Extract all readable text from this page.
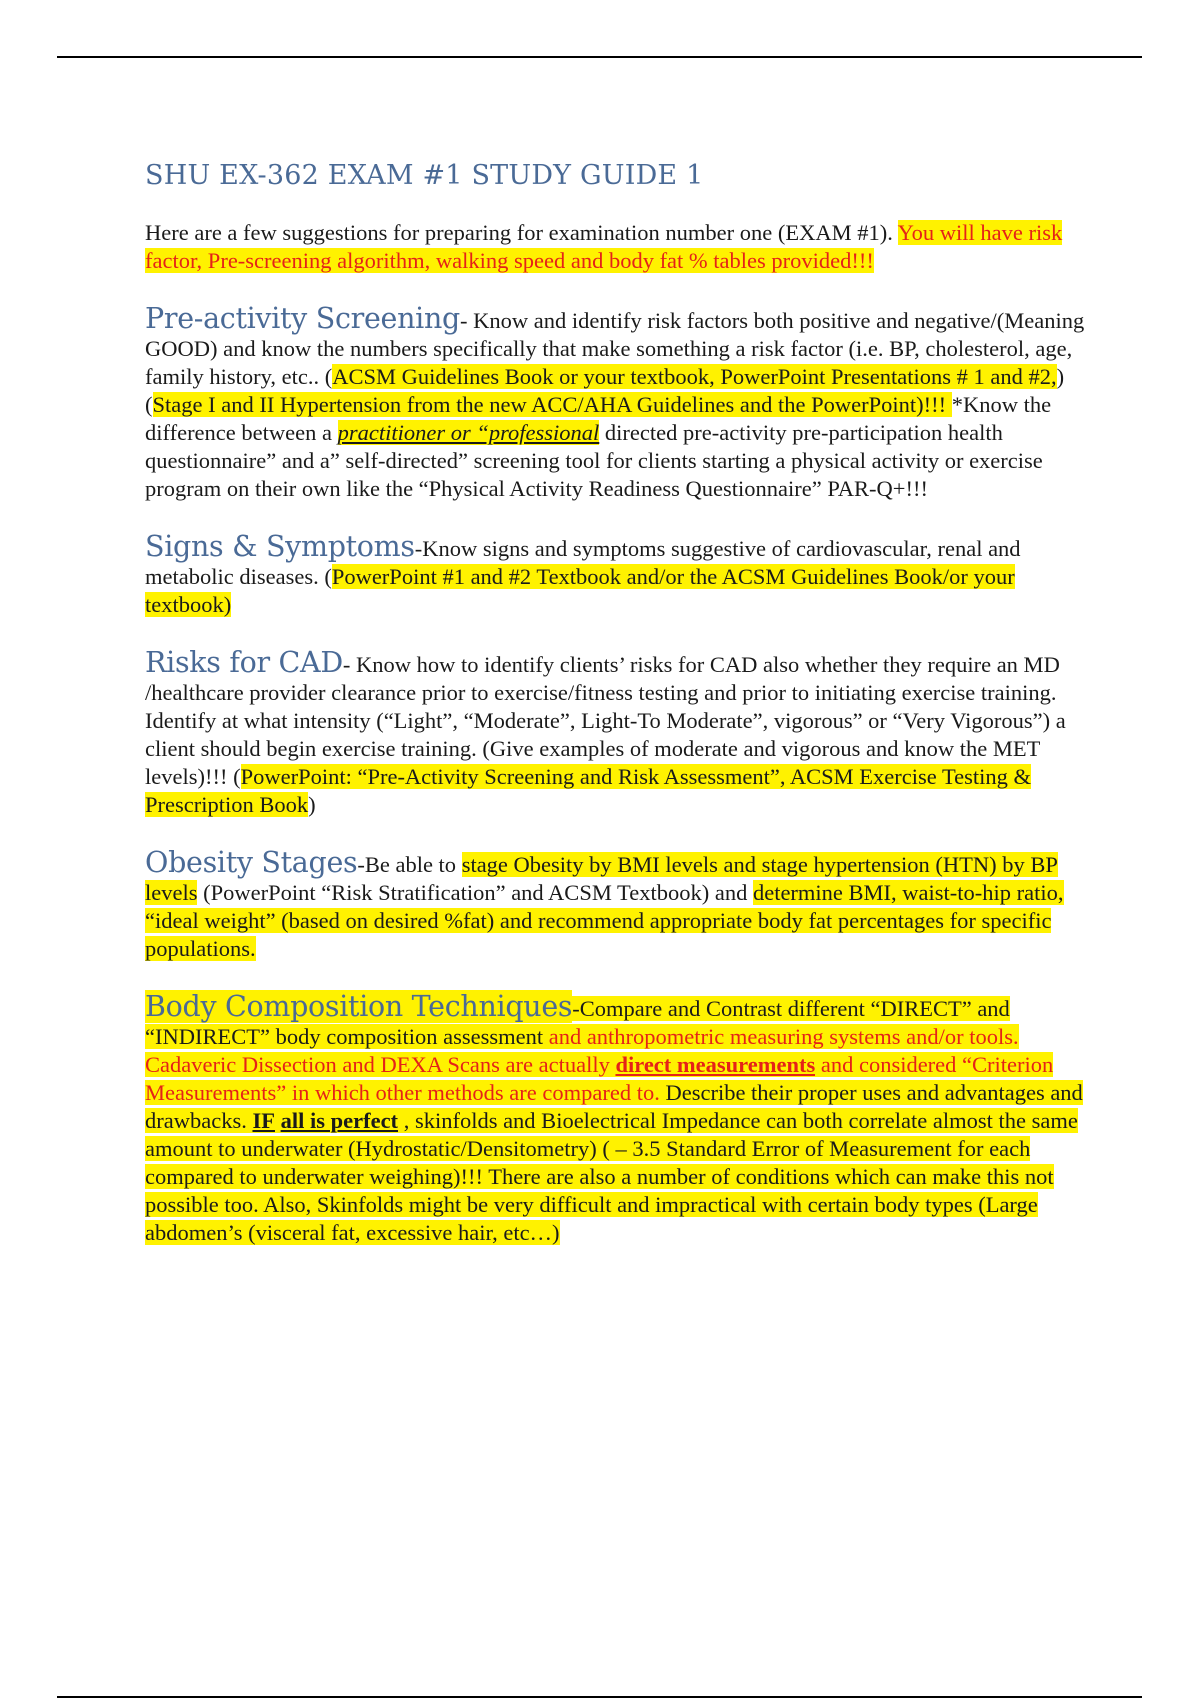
SHU EX-362 EXAM #1 STUDY GUIDE 1

Here are a few suggestions for preparing for examination number one (EXAM #1). You will have risk factor, Pre-screening algorithm, walking speed and body fat % tables provided!!!

Pre-activity Screening- Know and identify risk factors both positive and negative/(Meaning GOOD) and know the numbers specifically that make something a risk factor (i.e. BP, cholesterol, age, family history, etc.. (ACSM Guidelines Book or your textbook, PowerPoint Presentations # 1 and #2,) (Stage I and II Hypertension from the new ACC/AHA Guidelines and the PowerPoint)!!! *Know the difference between a practitioner or “professional directed pre-activity pre-participation health questionnaire” and a” self-directed” screening tool for clients starting a physical activity or exercise program on their own like the “Physical Activity Readiness Questionnaire” PAR-Q+!!!

Signs & Symptoms-Know signs and symptoms suggestive of cardiovascular, renal and metabolic diseases. (PowerPoint #1 and #2 Textbook and/or the ACSM Guidelines Book/or your textbook)

Risks for CAD- Know how to identify clients’ risks for CAD also whether they require an MD /healthcare provider clearance prior to exercise/fitness testing and prior to initiating exercise training. Identify at what intensity (“Light”, “Moderate”, Light-To Moderate”, vigorous” or “Very Vigorous”) a client should begin exercise training. (Give examples of moderate and vigorous and know the MET levels)!!! (PowerPoint: “Pre-Activity Screening and Risk Assessment”, ACSM Exercise Testing & Prescription Book)

Obesity Stages-Be able to stage Obesity by BMI levels and stage hypertension (HTN) by BP levels (PowerPoint “Risk Stratification” and ACSM Textbook) and determine BMI, waist-to-hip ratio, “ideal weight” (based on desired %fat) and recommend appropriate body fat percentages for specific populations.

Body Composition Techniques-Compare and Contrast different “DIRECT” and “INDIRECT” body composition assessment and anthropometric measuring systems and/or tools. Cadaveric Dissection and DEXA Scans are actually direct measurements and considered “Criterion Measurements” in which other methods are compared to. Describe their proper uses and advantages and drawbacks. IF all is perfect , skinfolds and Bioelectrical Impedance can both correlate almost the same amount to underwater (Hydrostatic/Densitometry) ( – 3.5 Standard Error of Measurement for each compared to underwater weighing)!!! There are also a number of conditions which can make this not possible too. Also, Skinfolds might be very difficult and impractical with certain body types (Large abdomen’s (visceral fat, excessive hair, etc…)
